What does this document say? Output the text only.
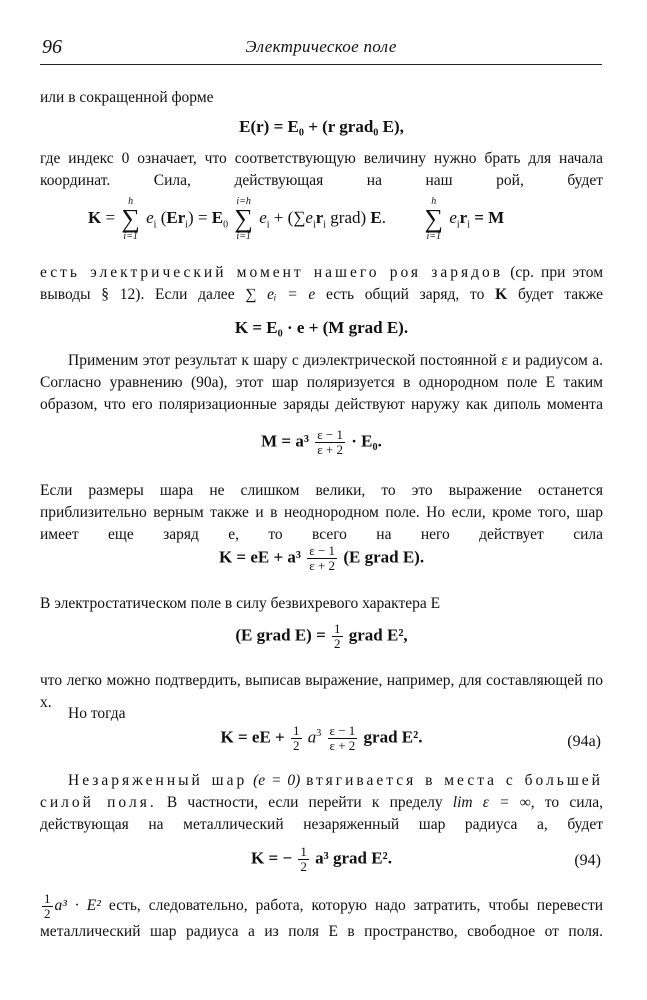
96	Электрическое поле
или в сокращенной форме
E(r) = E₀ + (r grad₀ E),
где индекс 0 означает, что соответствующую величину нужно брать для начала координат. Сила, действующая на наш рой, будет
K =
h
∑
i=1
$e_i$ $(Er_i) = E_0$
i=h
∑
i=1
$e_i + (\sum e_ir_i$ grad) E.
h
∑
i=1
$e_ir_i = M$
есть электрический момент нашего роя зарядов (ср. при этом выводы § 12). Если далее ∑ eᵢ = e есть общий заряд, то K будет также
K = E₀ · e + (M grad E).
Применим этот результат к шару с диэлектрической постоянной ε и радиусом a. Согласно уравнению (90a), этот шар поляризуется в однородном поле E таким образом, что его поляризационные заряды действуют наружу как диполь момента
$M = a^3 \frac{\varepsilon - 1}{\varepsilon + 2} \cdot E_0$.
Если размеры шара не слишком велики, то это выражение останется приблизительно верным также и в неоднородном поле. Но если, кроме того, шар имеет еще заряд e, то всего на него действует сила
K = eE + $a^3 \frac{\varepsilon - 1}{\varepsilon + 2} (E$ grad E).
В электростатическом поле в силу безвихревого характера E
(E grad $E) = \frac{1}{2}$ grad E²,
что легко можно подтвердить, выписав выражение, например, для составляющей по x.
Но тогда
K = eE + $\frac{1}{2} a^3 \frac{\varepsilon - 1}{\varepsilon + 2}$ grad E².	(94a)
Незаряженный шар (e = 0) втягивается в места с большей силой поля. В частности, если перейти к пределу lim ε = ∞, то сила, действующая на металлический незаряженный шар радиуса a, будет
K = − $\frac{1}{2} a^3$ grad E².	(94)
$\frac{1}{2} a^3 \cdot E^2$ есть, следовательно, работа, которую надо затратить, чтобы перевести металлический шар радиуса a из поля E в пространство, свободное от поля.
